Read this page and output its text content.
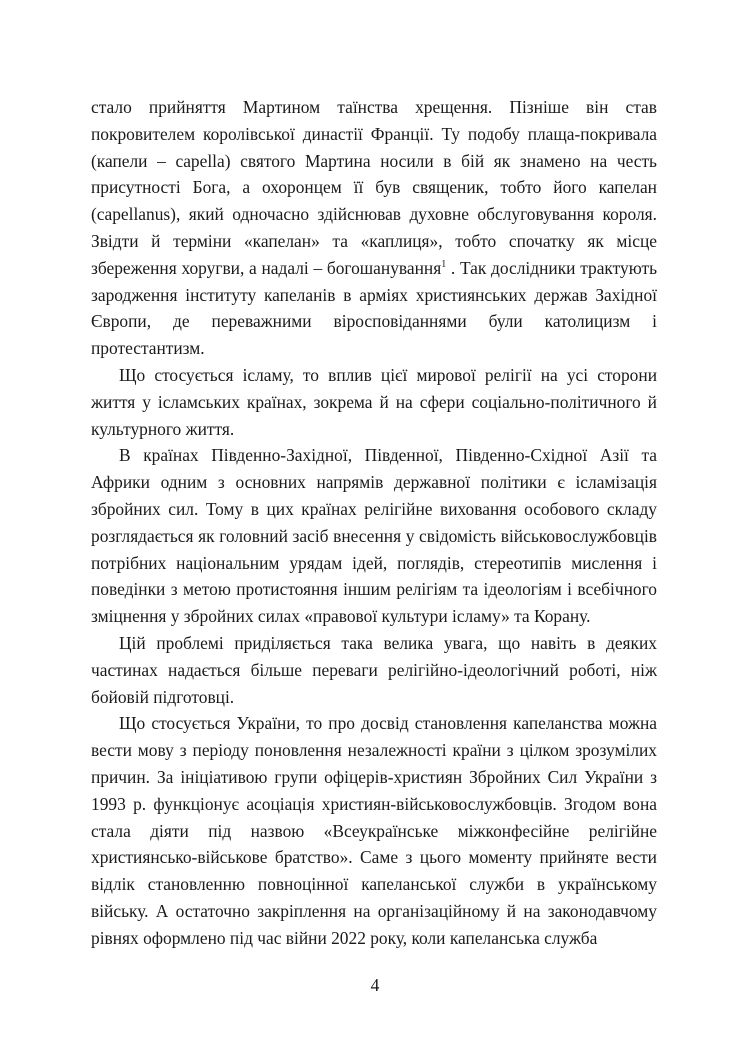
стало прийняття Мартином таїнства хрещення. Пізніше він став покровителем королівської династії Франції. Ту подобу плаща-покривала (капели – capella) святого Мартина носили в бій як знамено на честь присутності Бога, а охоронцем її був священик, тобто його капелан (capellanus), який одночасно здійснював духовне обслуговування короля. Звідти й терміни «капелан» та «каплиця», тобто спочатку як місце збереження хоругви, а надалі – богошанування$^1$ . Так дослідники трактують зародження інституту капеланів в арміях християнських держав Західної Європи, де переважними віросповіданнями були католицизм і протестантизм.

Що стосується ісламу, то вплив цієї мирової релігії на усі сторони життя у ісламських країнах, зокрема й на сфери соціально-політичного й культурного життя.

В країнах Південно-Західної, Південної, Південно-Східної Азії та Африки одним з основних напрямів державної політики є ісламізація збройних сил. Тому в цих країнах релігійне виховання особового складу розглядається як головний засіб внесення у свідомість військовослужбовців потрібних національним урядам ідей, поглядів, стереотипів мислення і поведінки з метою протистояння іншим релігіям та ідеологіям і всебічного зміцнення у збройних силах «правової культури ісламу» та Корану.

Цій проблемі приділяється така велика увага, що навіть в деяких частинах надається більше переваги релігійно-ідеологічний роботі, ніж бойовій підготовці.

Що стосується України, то про досвід становлення капеланства можна вести мову з періоду поновлення незалежності країни з цілком зрозумілих причин. За ініціативою групи офіцерів-християн Збройних Сил України з 1993 р. функціонує асоціація християн-військовослужбовців. Згодом вона стала діяти під назвою «Всеукраїнське міжконфесійне релігійне християнсько-військове братство». Саме з цього моменту прийняте вести відлік становленню повноцінної капеланської служби в українському війську. А остаточно закріплення на організаційному й на законодавчому рівнях оформлено під час війни 2022 року, коли капеланська служба

4
